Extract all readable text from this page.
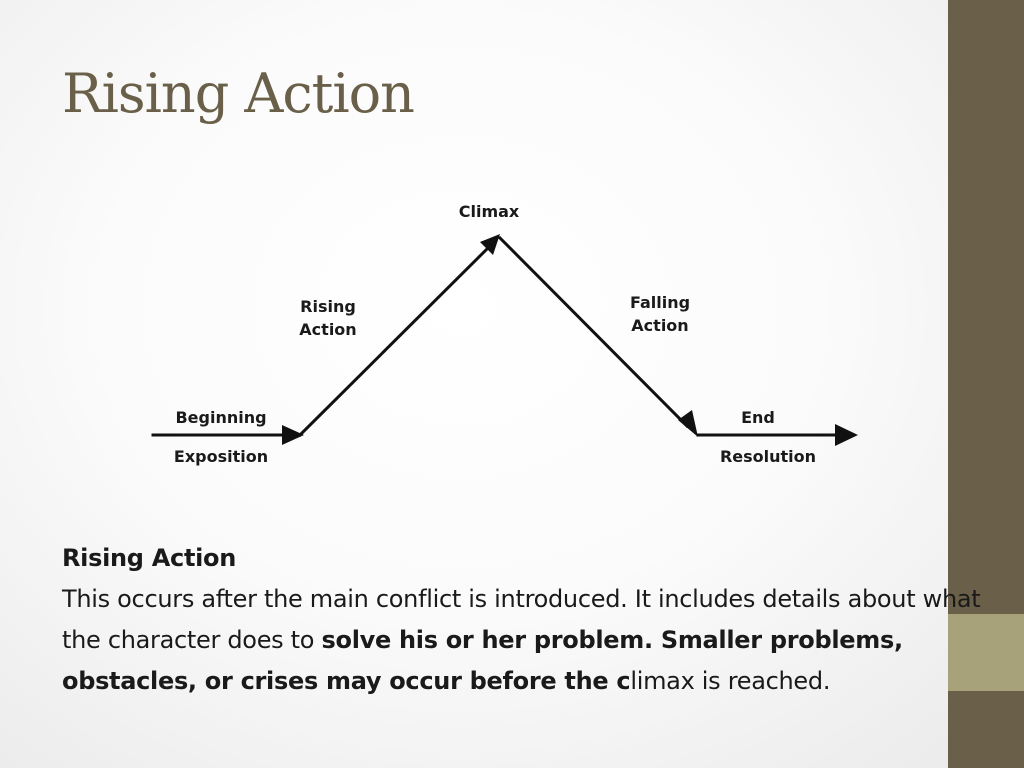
Rising Action
Climax
Rising
Action
Falling
Action
Beginning
Exposition
End
Resolution
Rising Action
This occurs after the main conflict is introduced. It includes details about what the character does to solve his or her problem. Smaller problems, obstacles, or crises may occur before the climax is reached.
